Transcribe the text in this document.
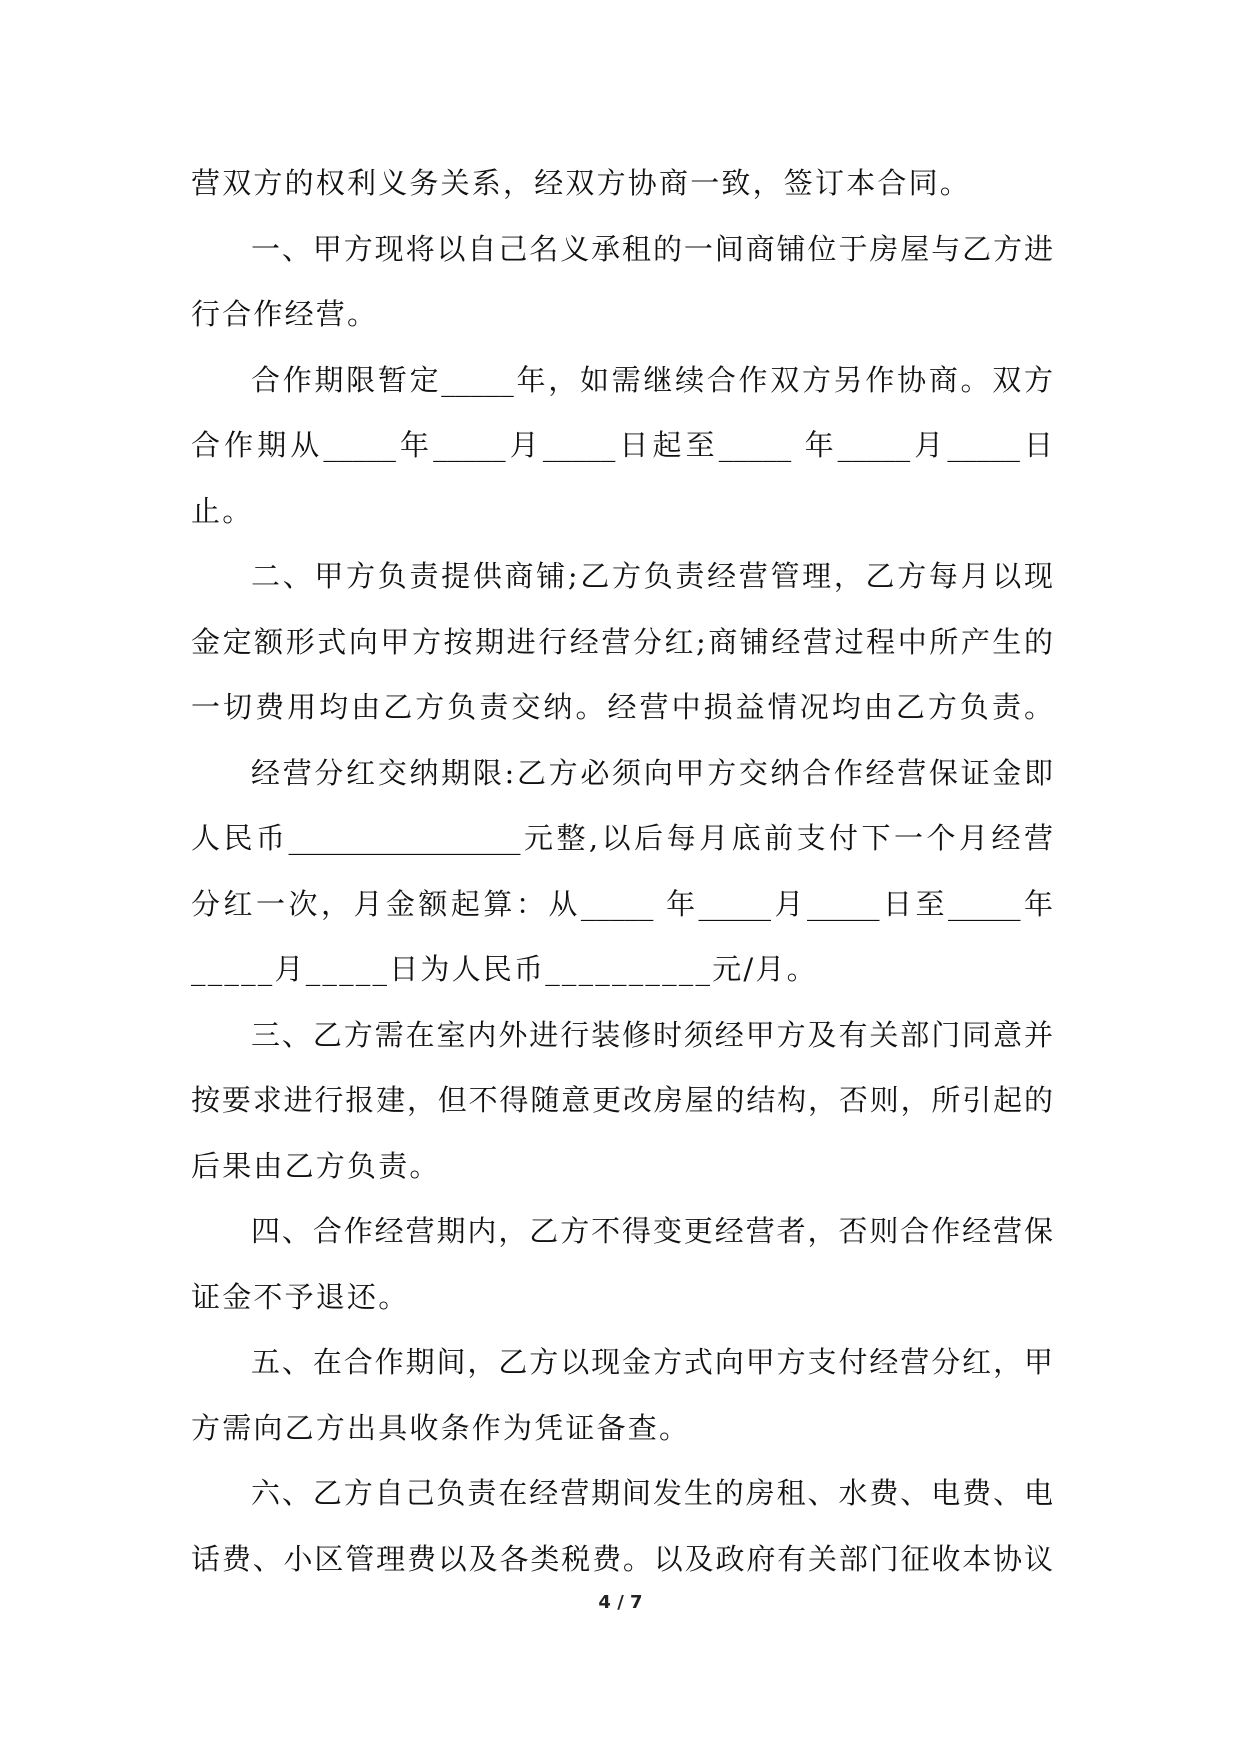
营双方的权利义务关系，经双方协商一致，签订本合同。
一、甲方现将以自己名义承租的一间商铺位于房屋与乙方进
行合作经营。
合作期限暂定_____年，如需继续合作双方另作协商。双方
合作期从_____年_____月_____日起至_____ 年_____月_____日
止。
二、甲方负责提供商铺;乙方负责经营管理，乙方每月以现
金定额形式向甲方按期进行经营分红;商铺经营过程中所产生的
一切费用均由乙方负责交纳。经营中损益情况均由乙方负责。
经营分红交纳期限:乙方必须向甲方交纳合作经营保证金即
人民币________________元整,以后每月底前支付下一个月经营
分红一次，月金额起算：从_____ 年_____月_____日至_____年
_____月_____日为人民币__________元/月。
三、乙方需在室内外进行装修时须经甲方及有关部门同意并
按要求进行报建，但不得随意更改房屋的结构，否则，所引起的
后果由乙方负责。
四、合作经营期内，乙方不得变更经营者，否则合作经营保
证金不予退还。
五、在合作期间，乙方以现金方式向甲方支付经营分红，甲
方需向乙方出具收条作为凭证备查。
六、乙方自己负责在经营期间发生的房租、水费、电费、电
话费、小区管理费以及各类税费。以及政府有关部门征收本协议
4 / 7
